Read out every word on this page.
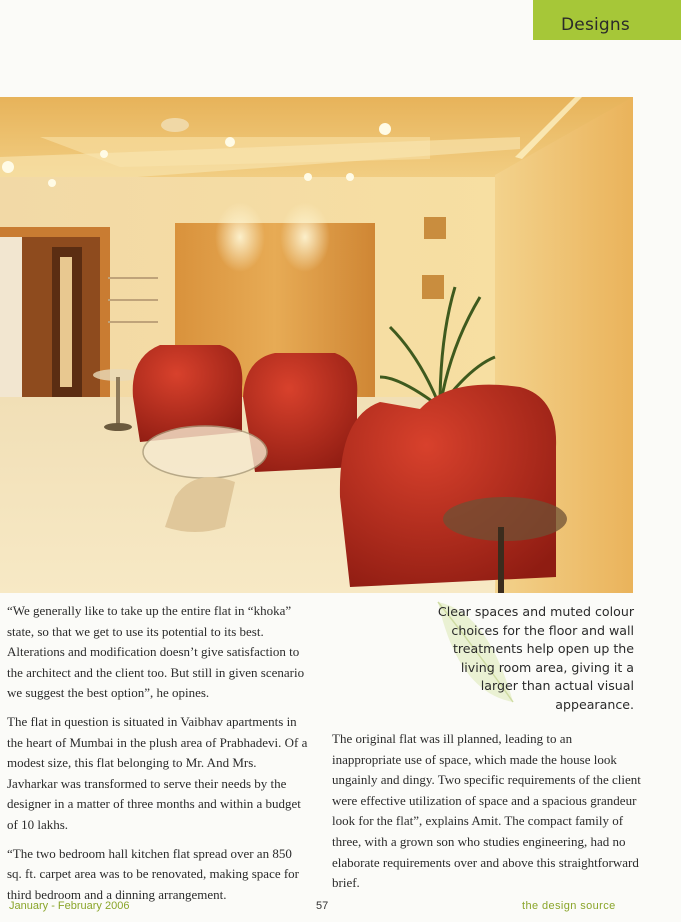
Designs

“We generally like to take up the entire flat in “khoka” state, so that we get to use its potential to its best. Alterations and modification doesn’t give satisfaction to the architect and the client too. But still in given scenario we suggest the best option”, he opines.

The flat in question is situated in Vaibhav apartments in the heart of Mumbai in the plush area of Prabhadevi. Of a modest size, this flat belonging to Mr. And Mrs. Javharkar was transformed to serve their needs by the designer in a matter of three months and within a budget of 10 lakhs.

“The two bedroom hall kitchen flat spread over an 850 sq. ft. carpet area was to be renovated, making space for third bedroom and a dinning arrangement.

Clear spaces and muted colour choices for the floor and wall treatments help open up the living room area, giving it a larger than actual visual appearance.

The original flat was ill planned, leading to an inappropriate use of space, which made the house look ungainly and dingy. Two specific requirements of the client were effective utilization of space and a spacious grandeur look for the flat”, explains Amit. The compact family of three, with a grown son who studies engineering, had no elaborate requirements over and above this straightforward brief.

January - February 2006	57	the design source
